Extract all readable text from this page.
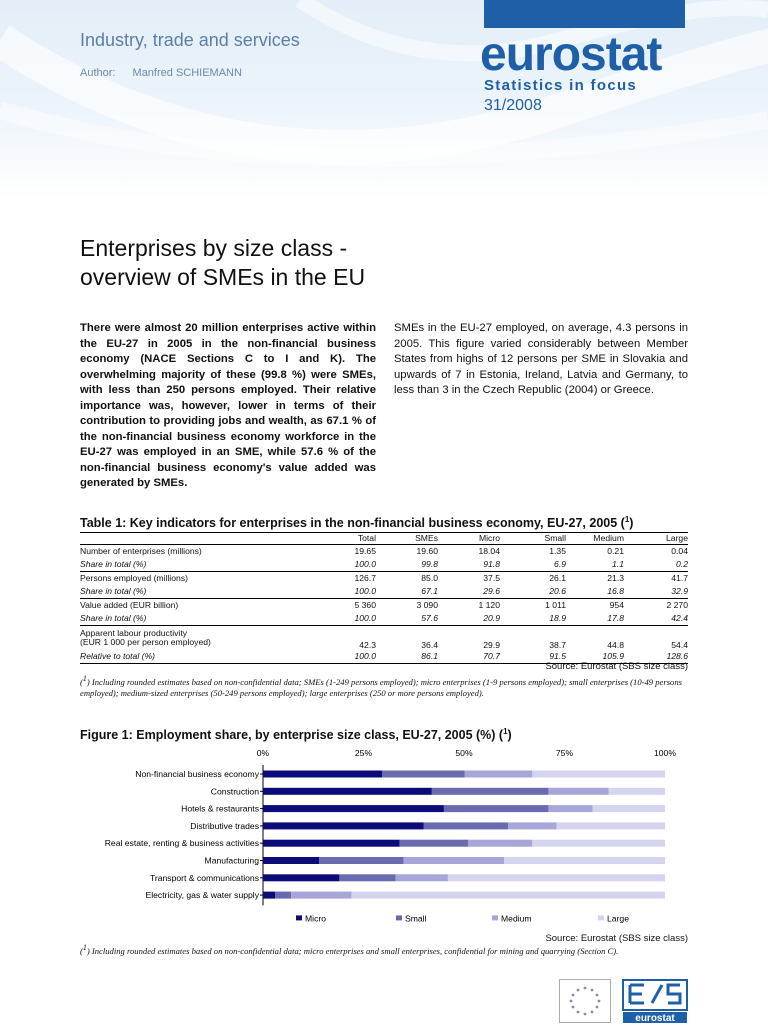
Industry, trade and services
Author: Manfred SCHIEMANN	eurostat
Statistics in focus
31/2008
Enterprises by size class -
overview of SMEs in the EU
There were almost 20 million enterprises active within the EU-27 in 2005 in the non-financial business economy (NACE Sections C to I and K). The overwhelming majority of these (99.8 %) were SMEs, with less than 250 persons employed. Their relative importance was, however, lower in terms of their contribution to providing jobs and wealth, as 67.1 % of the non-financial business economy workforce in the EU-27 was employed in an SME, while 57.6 % of the non-financial business economy's value added was generated by SMEs.
SMEs in the EU-27 employed, on average, 4.3 persons in 2005. This figure varied considerably between Member States from highs of 12 persons per SME in Slovakia and upwards of 7 in Estonia, Ireland, Latvia and Germany, to less than 3 in the Czech Republic (2004) or Greece.
Table 1: Key indicators for enterprises in the non-financial business economy, EU-27, 2005 ($^1$)
	Total	SMEs	Micro	Small	Medium	Large
Number of enterprises (millions)	19.65	19.60	18.04	1.35	0.21	0.04
Share in total (%)	100.0	99.8	91.8	6.9	1.1	0.2
Persons employed (millions)	126.7	85.0	37.5	26.1	21.3	41.7
Share in total (%)	100.0	67.1	29.6	20.6	16.8	32.9
Value added (EUR billion)	5 360	3 090	1 120	1 011	954	2 270
Share in total (%)	100.0	57.6	20.9	18.9	17.8	42.4

Apparent labour productivity
(EUR 1 000 per person employed)	42.3	36.4	29.9	38.7	44.8	54.4
Relative to total (%)	100.0	86.1	70.7	91.5	105.9	128.6
Source: Eurostat (SBS size class)
($^1$) Including rounded estimates based on non-confidential data; SMEs (1-249 persons employed); micro enterprises (1-9 persons employed); small enterprises (10-49 persons employed); medium-sized enterprises (50-249 persons employed); large enterprises (250 or more persons employed).
Figure 1: Employment share, by enterprise size class, EU-27, 2005 (%) ($^1$)
0%	25%	50%	75%	100%
Non-financial business economy
Construction
Hotels & restaurants
Distributive trades
Real estate, renting & business activities
Manufacturing
Transport & communications
Electricity, gas & water supply
Micro	Small	Medium	Large
Source: Eurostat (SBS size class)
($^1$) Including rounded estimates based on non-confidential data; micro enterprises and small enterprises, confidential for mining and quarrying (Section C).
eurostat
